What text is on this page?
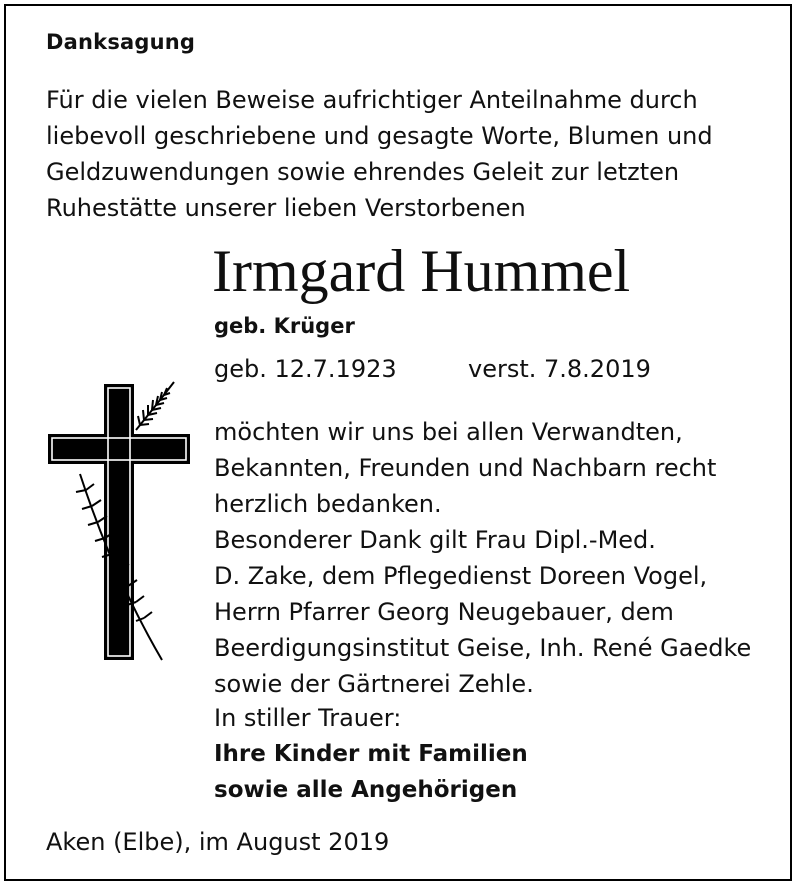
Danksagung
Für die vielen Beweise aufrichtiger Anteilnahme durch
liebevoll geschriebene und gesagte Worte, Blumen und
Geldzuwendungen sowie ehrendes Geleit zur letzten
Ruhestätte unserer lieben Verstorbenen
Irmgard Hummel
geb. Krüger
geb. 12.7.1923	verst. 7.8.2019
möchten wir uns bei allen Verwandten,
Bekannten, Freunden und Nachbarn recht
herzlich bedanken.
Besonderer Dank gilt Frau Dipl.-Med.
D. Zake, dem Pflegedienst Doreen Vogel,
Herrn Pfarrer Georg Neugebauer, dem
Beerdigungsinstitut Geise, Inh. René Gaedke
sowie der Gärtnerei Zehle.
In stiller Trauer:
Ihre Kinder mit Familien
sowie alle Angehörigen
Aken (Elbe), im August 2019
